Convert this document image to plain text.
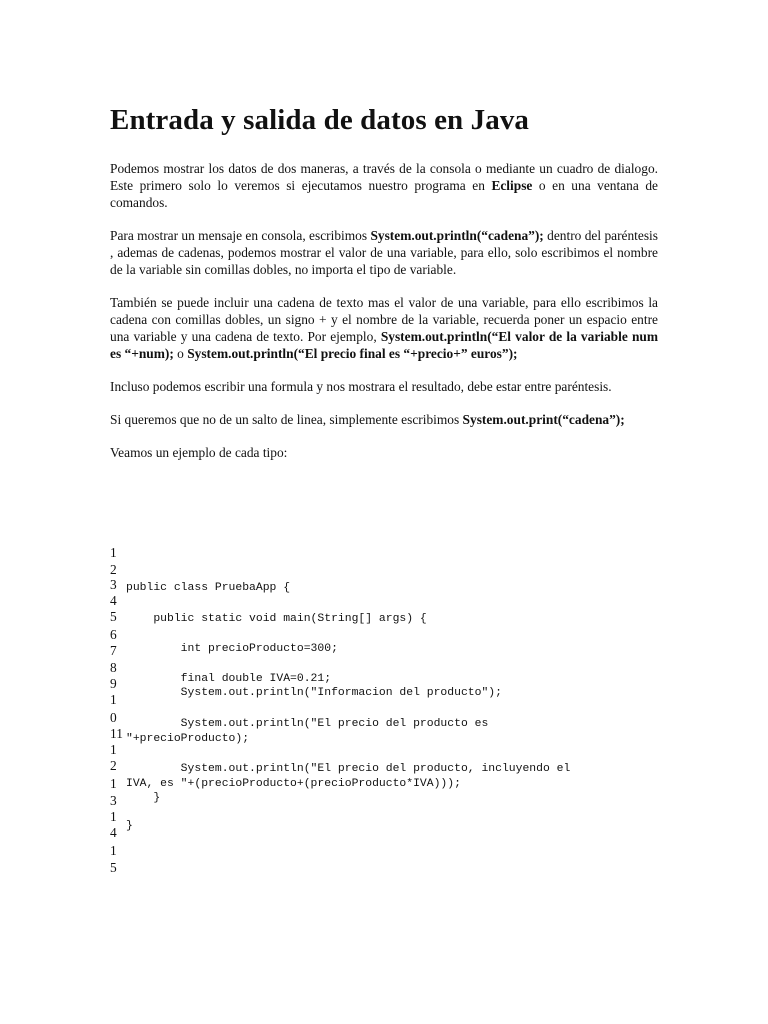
Entrada y salida de datos en Java

Podemos mostrar los datos de dos maneras, a través de la consola o mediante un cuadro de dialogo. Este primero solo lo veremos si ejecutamos nuestro programa en Eclipse o en una ventana de comandos.

Para mostrar un mensaje en consola, escribimos System.out.println(“cadena”); dentro del paréntesis , ademas de cadenas, podemos mostrar el valor de una variable, para ello, solo escribimos el nombre de la variable sin comillas dobles, no importa el tipo de variable.

También se puede incluir una cadena de texto mas el valor de una variable, para ello escribimos la cadena con comillas dobles, un signo + y el nombre de la variable, recuerda poner un espacio entre una variable y una cadena de texto. Por ejemplo, System.out.println(“El valor de la variable num es “+num); o System.out.println(“El precio final es “+precio+” euros”);

Incluso podemos escribir una formula y nos mostrara el resultado, debe estar entre paréntesis.

Si queremos que no de un salto de linea, simplemente escribimos System.out.print(“cadena”);

Veamos un ejemplo de cada tipo:

1
2
3
4
5
6
7
8
9
1
0
11
1
2
1
3
1
4
1
5
public class PruebaApp {
public static void main(String[] args) {
int precioProducto=300;
final double IVA=0.21;
System.out.println("Informacion del producto");
System.out.println("El precio del producto es
"+precioProducto);
System.out.println("El precio del producto, incluyendo el
IVA, es "+(precioProducto+(precioProducto*IVA)));
}
}
